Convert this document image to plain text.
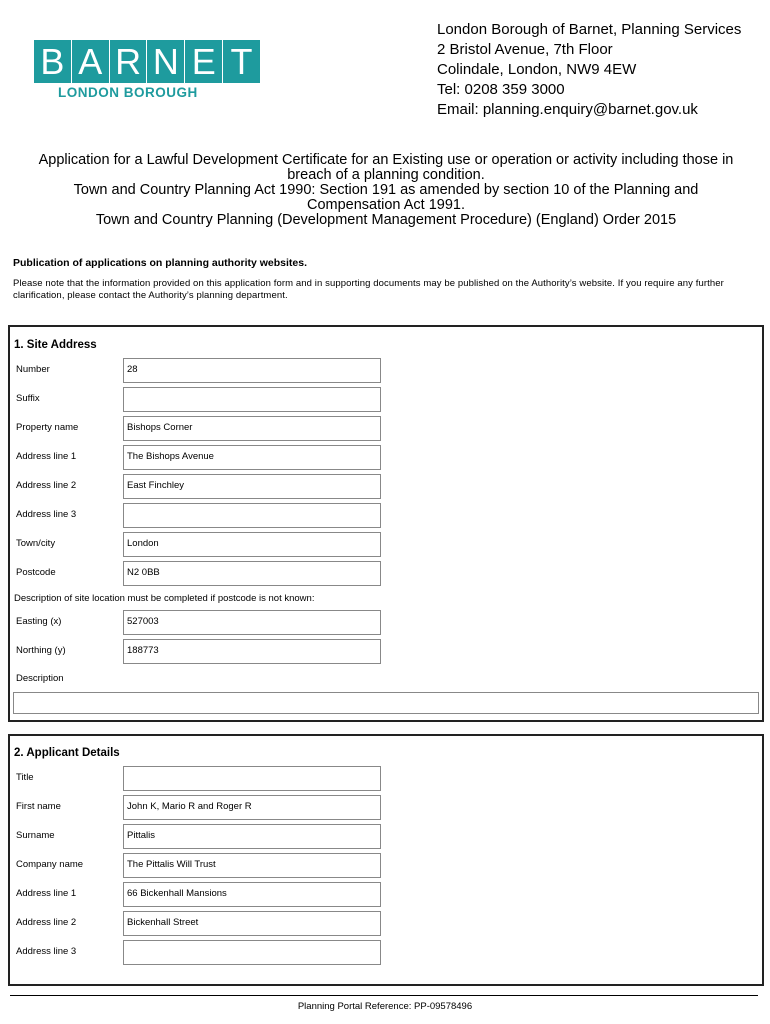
B A R N E T
LONDON BOROUGH
London Borough of Barnet, Planning Services
2 Bristol Avenue, 7th Floor
Colindale, London, NW9 4EW
Tel: 0208 359 3000
Email: planning.enquiry@barnet.gov.uk
Application for a Lawful Development Certificate for an Existing use or operation or activity including those in
breach of a planning condition.
Town and Country Planning Act 1990: Section 191 as amended by section 10 of the Planning and
Compensation Act 1991.
Town and Country Planning (Development Management Procedure) (England) Order 2015
Publication of applications on planning authority websites.
Please note that the information provided on this application form and in supporting documents may be published on the Authority’s website. If you require any further clarification, please contact the Authority’s planning department.
1. Site Address
Number	28
Suffix
Property name	Bishops Corner
Address line 1	The Bishops Avenue
Address line 2	East Finchley
Address line 3
Town/city	London
Postcode	N2 0BB
Description of site location must be completed if postcode is not known:
Easting (x)	527003
Northing (y)	188773
Description
2. Applicant Details
Title
First name	John K, Mario R and Roger R
Surname	Pittalis
Company name	The Pittalis Will Trust
Address line 1	66 Bickenhall Mansions
Address line 2	Bickenhall Street
Address line 3
Planning Portal Reference: PP-09578496
